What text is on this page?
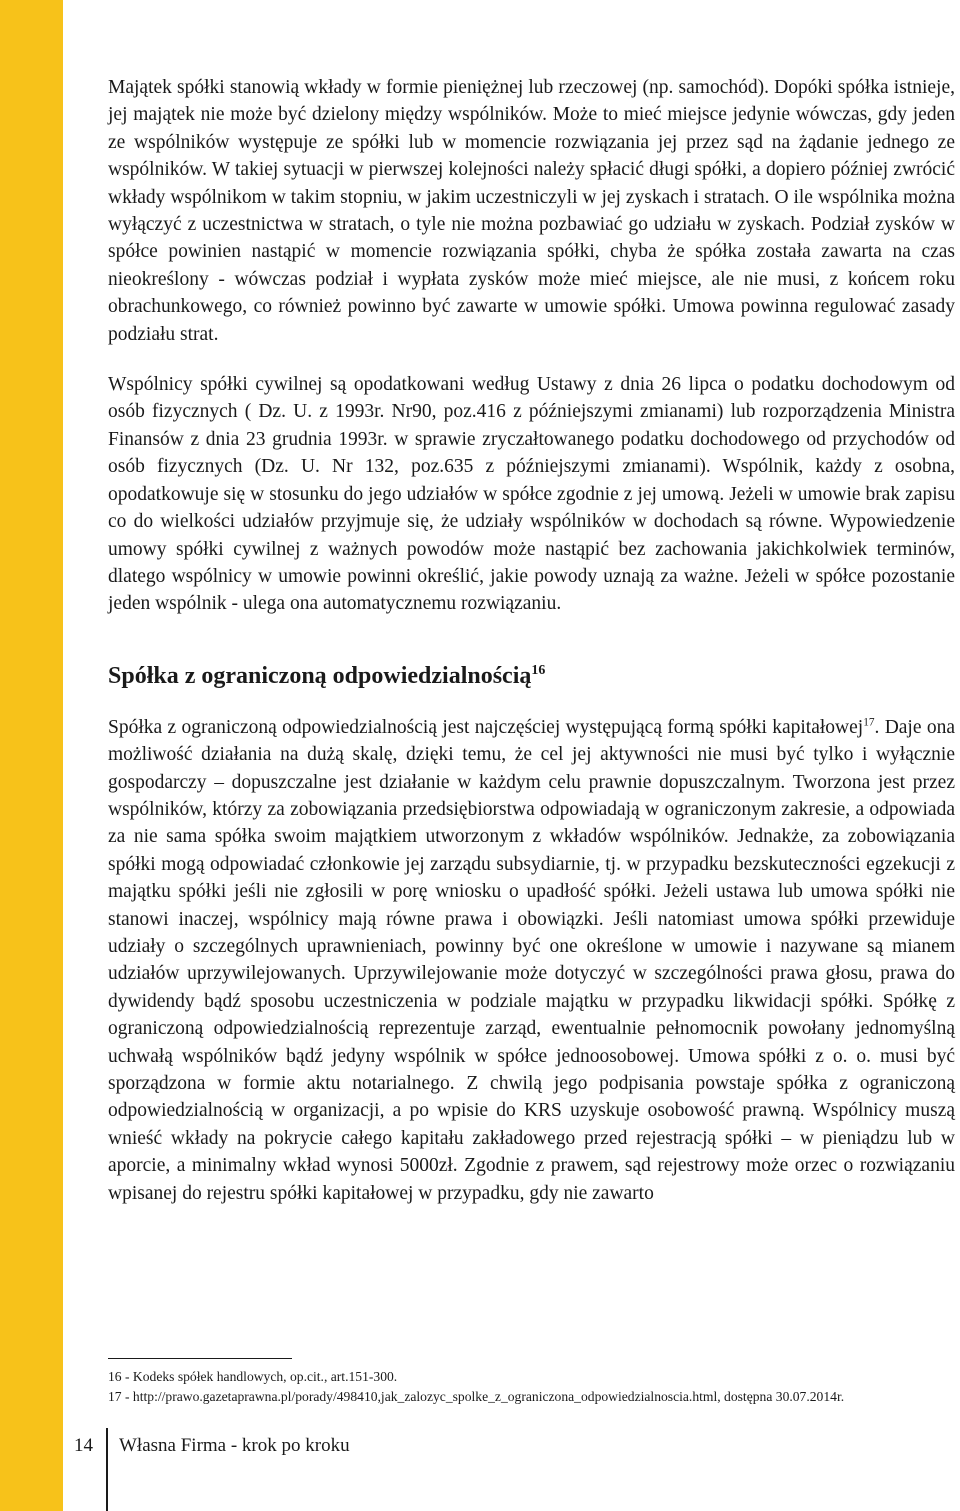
Majątek spółki stanowią wkłady w formie pieniężnej lub rzeczowej (np. samochód). Dopóki spółka istnieje, jej majątek nie może być dzielony między wspólników. Może to mieć miejsce jedynie wówczas, gdy jeden ze wspólników występuje ze spółki lub w momencie rozwiązania jej przez sąd na żądanie jednego ze wspólników. W takiej sytuacji w pierwszej kolejności należy spłacić długi spółki, a dopiero później zwrócić wkłady wspólnikom w takim stopniu, w jakim uczestniczyli w jej zyskach i stratach. O ile wspólnika można wyłączyć z uczestnictwa w stratach, o tyle nie można pozbawiać go udziału w zyskach. Podział zysków w spółce powinien nastąpić w momencie rozwiązania spółki, chyba że spółka została zawarta na czas nieokreślony - wówczas podział i wypłata zysków może mieć miejsce, ale nie musi, z końcem roku obrachunkowego, co również powinno być zawarte w umowie spółki. Umowa powinna regulować zasady podziału strat.

Wspólnicy spółki cywilnej są opodatkowani według Ustawy z dnia 26 lipca o podatku dochodowym od osób fizycznych ( Dz. U. z 1993r. Nr90, poz.416 z późniejszymi zmianami) lub rozporządzenia Ministra Finansów z dnia 23 grudnia 1993r. w sprawie zryczałtowanego podatku dochodowego od przychodów od osób fizycznych (Dz. U. Nr 132, poz.635 z późniejszymi zmianami). Wspólnik, każdy z osobna, opodatkowuje się w stosunku do jego udziałów w spółce zgodnie z jej umową. Jeżeli w umowie brak zapisu co do wielkości udziałów przyjmuje się, że udziały wspólników w dochodach są równe. Wypowiedzenie umowy spółki cywilnej z ważnych powodów może nastąpić bez zachowania jakichkolwiek terminów, dlatego wspólnicy w umowie powinni określić, jakie powody uznają za ważne. Jeżeli w spółce pozostanie jeden wspólnik - ulega ona automatycznemu rozwiązaniu.

Spółka z ograniczoną odpowiedzialnością$^{16}$

Spółka z ograniczoną odpowiedzialnością jest najczęściej występującą formą spółki kapitałowej$^{17}$. Daje ona możliwość działania na dużą skalę, dzięki temu, że cel jej aktywności nie musi być tylko i wyłącznie gospodarczy – dopuszczalne jest działanie w każdym celu prawnie dopuszczalnym. Tworzona jest przez wspólników, którzy za zobowiązania przedsiębiorstwa odpowiadają w ograniczonym zakresie, a odpowiada za nie sama spółka swoim majątkiem utworzonym z wkładów wspólników. Jednakże, za zobowiązania spółki mogą odpowiadać członkowie jej zarządu subsydiarnie, tj. w przypadku bezskuteczności egzekucji z majątku spółki jeśli nie zgłosili w porę wniosku o upadłość spółki. Jeżeli ustawa lub umowa spółki nie stanowi inaczej, wspólnicy mają równe prawa i obowiązki. Jeśli natomiast umowa spółki przewiduje udziały o szczególnych uprawnieniach, powinny być one określone w umowie i nazywane są mianem udziałów uprzywilejowanych. Uprzywilejowanie może dotyczyć w szczególności prawa głosu, prawa do dywidendy bądź sposobu uczestniczenia w podziale majątku w przypadku likwidacji spółki. Spółkę z ograniczoną odpowiedzialnością reprezentuje zarząd, ewentualnie pełnomocnik powołany jednomyślną uchwałą wspólników bądź jedyny wspólnik w spółce jednoosobowej. Umowa spółki z o. o. musi być sporządzona w formie aktu notarialnego. Z chwilą jego podpisania powstaje spółka z ograniczoną odpowiedzialnością w organizacji, a po wpisie do KRS uzyskuje osobowość prawną. Wspólnicy muszą wnieść wkłady na pokrycie całego kapitału zakładowego przed rejestracją spółki – w pieniądzu lub w aporcie, a minimalny wkład wynosi 5000zł. Zgodnie z prawem, sąd rejestrowy może orzec o rozwiązaniu wpisanej do rejestru spółki kapitałowej w przypadku, gdy nie zawarto

16 - Kodeks spółek handlowych, op.cit., art.151-300.

17 - http://prawo.gazetaprawna.pl/porady/498410,jak_zalozyc_spolke_z_ograniczona_odpowiedzialnoscia.html, dostępna 30.07.2014r.

14 Własna Firma - krok po kroku
